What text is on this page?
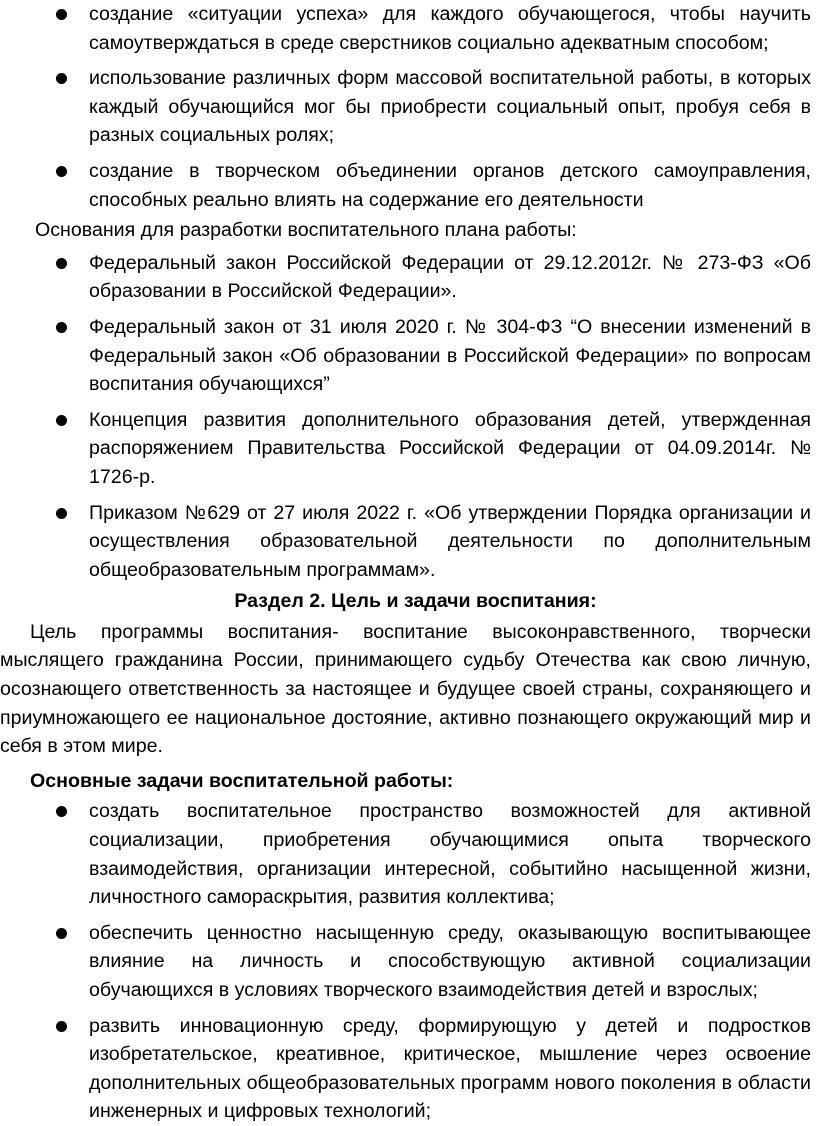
создание «ситуации успеха» для каждого обучающегося, чтобы научить самоутверждаться в среде сверстников социально адекватным способом;
использование различных форм массовой воспитательной работы, в которых каждый обучающийся мог бы приобрести социальный опыт, пробуя себя в разных социальных ролях;
создание в творческом объединении органов детского самоуправления, способных реально влиять на содержание его деятельности

Основания для разработки воспитательного плана работы:

Федеральный закон Российской Федерации от 29.12.2012г. № 273-ФЗ «Об образовании в Российской Федерации».
Федеральный закон от 31 июля 2020 г. № 304-ФЗ “О внесении изменений в Федеральный закон «Об образовании в Российской Федерации» по вопросам воспитания обучающихся”
Концепция развития дополнительного образования детей, утвержденная распоряжением Правительства Российской Федерации от 04.09.2014г. № 1726-р.
Приказом №629 от 27 июля 2022 г. «Об утверждении Порядка организации и осуществления образовательной деятельности по дополнительным общеобразовательным программам».

Раздел 2. Цель и задачи воспитания:

Цель программы воспитания- воспитание высоконравственного, творчески мыслящего гражданина России, принимающего судьбу Отечества как свою личную, осознающего ответственность за настоящее и будущее своей страны, сохраняющего и приумножающего ее национальное достояние, активно познающего окружающий мир и себя в этом мире.

Основные задачи воспитательной работы:

создать воспитательное пространство возможностей для активной социализации, приобретения обучающимися опыта творческого взаимодействия, организации интересной, событийно насыщенной жизни, личностного самораскрытия, развития коллектива;
обеспечить ценностно насыщенную среду, оказывающую воспитывающее влияние на личность и способствующую активной социализации обучающихся в условиях творческого взаимодействия детей и взрослых;
развить инновационную среду, формирующую у детей и подростков изобретательское, креативное, критическое, мышление через освоение дополнительных общеобразовательных программ нового поколения в области инженерных и цифровых технологий;
